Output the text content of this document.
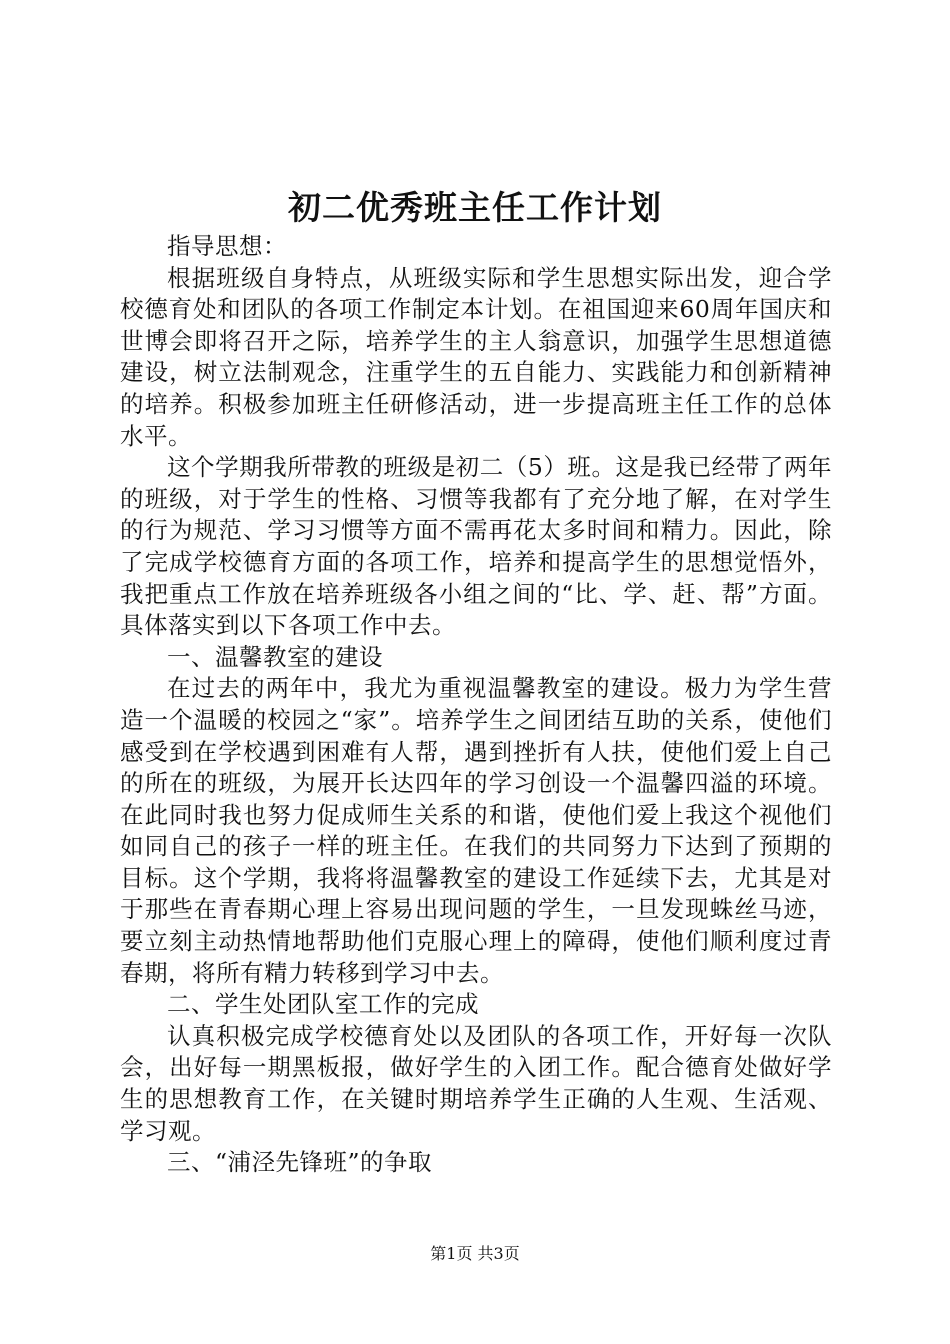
初二优秀班主任工作计划

指导思想：

根据班级自身特点，从班级实际和学生思想实际出发，迎合学校德育处和团队的各项工作制定本计划。在祖国迎来60周年国庆和世博会即将召开之际，培养学生的主人翁意识，加强学生思想道德建设，树立法制观念，注重学生的五自能力、实践能力和创新精神的培养。积极参加班主任研修活动，进一步提高班主任工作的总体水平。

这个学期我所带教的班级是初二（5）班。这是我已经带了两年的班级，对于学生的性格、习惯等我都有了充分地了解，在对学生的行为规范、学习习惯等方面不需再花太多时间和精力。因此，除了完成学校德育方面的各项工作，培养和提高学生的思想觉悟外，我把重点工作放在培养班级各小组之间的“比、学、赶、帮”方面。具体落实到以下各项工作中去。

一、温馨教室的建设

在过去的两年中，我尤为重视温馨教室的建设。极力为学生营造一个温暖的校园之“家”。培养学生之间团结互助的关系，使他们感受到在学校遇到困难有人帮，遇到挫折有人扶，使他们爱上自己的所在的班级，为展开长达四年的学习创设一个温馨四溢的环境。在此同时我也努力促成师生关系的和谐，使他们爱上我这个视他们如同自己的孩子一样的班主任。在我们的共同努力下达到了预期的目标。这个学期，我将将温馨教室的建设工作延续下去，尤其是对于那些在青春期心理上容易出现问题的学生，一旦发现蛛丝马迹，要立刻主动热情地帮助他们克服心理上的障碍，使他们顺利度过青春期，将所有精力转移到学习中去。

二、学生处团队室工作的完成

认真积极完成学校德育处以及团队的各项工作，开好每一次队会，出好每一期黑板报，做好学生的入团工作。配合德育处做好学生的思想教育工作，在关键时期培养学生正确的人生观、生活观、学习观。

三、“浦泾先锋班”的争取

第1页 共3页
